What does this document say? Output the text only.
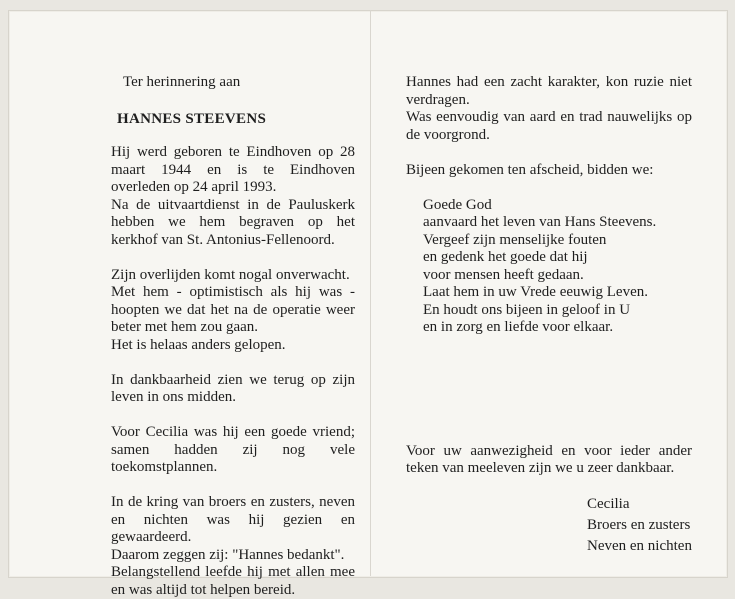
Ter herinnering aan

HANNES STEEVENS

Hij werd geboren te Eindhoven op 28 maart 1944 en is te Eindhoven overleden op 24 april 1993.

Na de uitvaartdienst in de Pauluskerk hebben we hem begraven op het kerkhof van St. Antonius-Fellenoord.

Zijn overlijden komt nogal onverwacht.

Met hem - optimistisch als hij was - hoopten we dat het na de operatie weer beter met hem zou gaan.

Het is helaas anders gelopen.

In dankbaarheid zien we terug op zijn leven in ons midden.

Voor Cecilia was hij een goede vriend; samen hadden zij nog vele toekomstplannen.

In de kring van broers en zusters, neven en nichten was hij gezien en gewaardeerd.

Daarom zeggen zij: "Hannes bedankt".

Belangstellend leefde hij met allen mee en was altijd tot helpen bereid.

Hannes had een zacht karakter, kon ruzie niet verdragen.

Was eenvoudig van aard en trad nauwelijks op de voorgrond.

Bijeen gekomen ten afscheid, bidden we:

Goede God

aanvaard het leven van Hans Steevens.

Vergeef zijn menselijke fouten

en gedenk het goede dat hij

voor mensen heeft gedaan.

Laat hem in uw Vrede eeuwig Leven.

En houdt ons bijeen in geloof in U

en in zorg en liefde voor elkaar.

Voor uw aanwezigheid en voor ieder ander teken van meeleven zijn we u zeer dankbaar.

Cecilia

Broers en zusters

Neven en nichten
